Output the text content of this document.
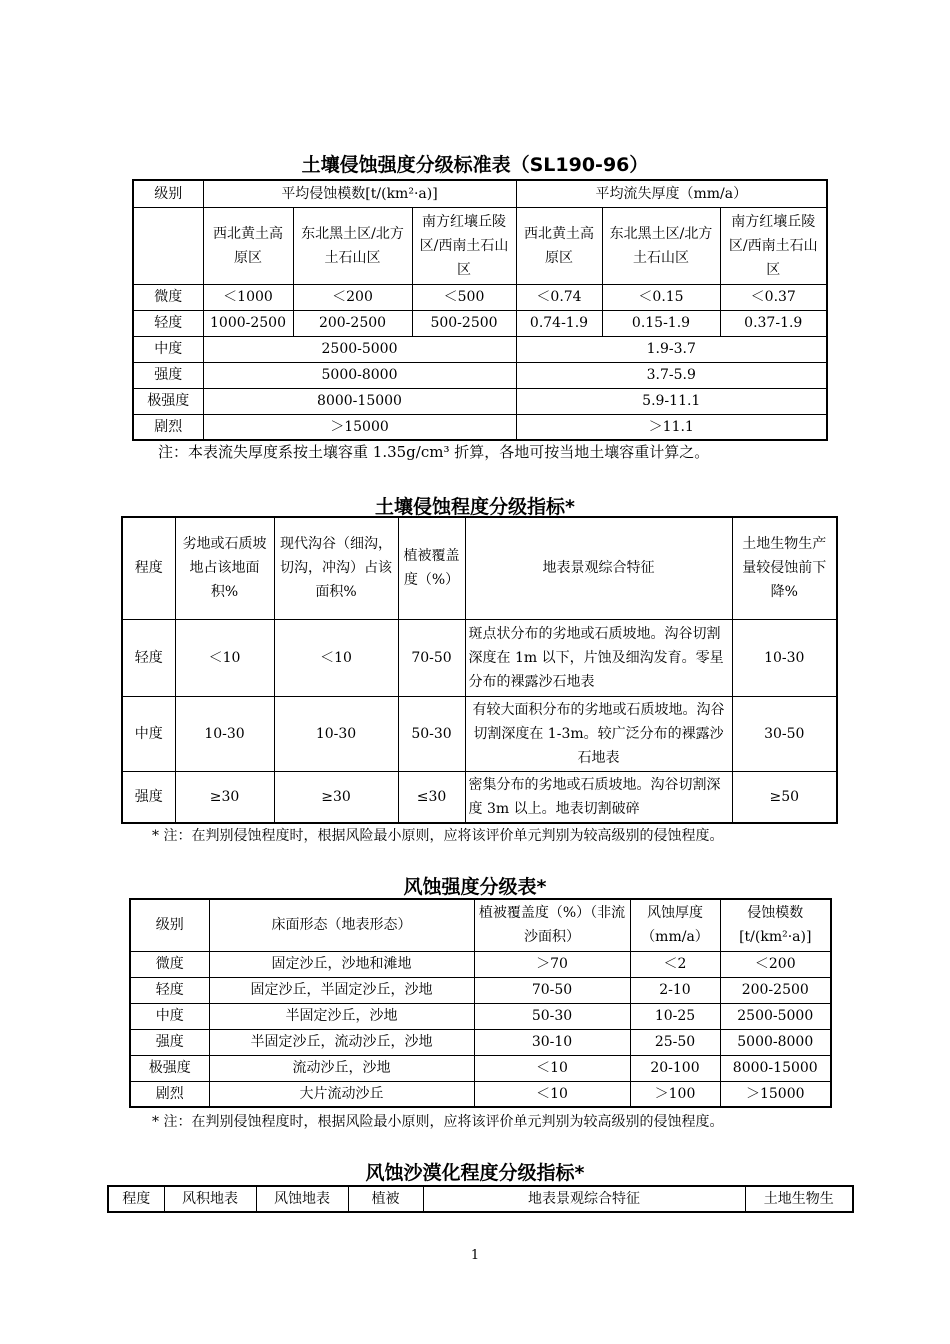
土壤侵蚀强度分级标准表（SL190-96）
级别	平均侵蚀模数[t/(km²·a)]			平均流失厚度（mm/a）		
	西北黄土高原区	东北黑土区/北方土石山区	南方红壤丘陵区/西南土石山区	西北黄土高原区	东北黑土区/北方土石山区	南方红壤丘陵区/西南土石山区
微度	＜1000	＜200	＜500	＜0.74	＜0.15	＜0.37
轻度	1000-2500	200-2500	500-2500	0.74-1.9	0.15-1.9	0.37-1.9
中度	2500-5000			1.9-3.7		
强度	5000-8000			3.7-5.9		
极强度	8000-15000			5.9-11.1		
剧烈	＞15000			＞11.1		
注：本表流失厚度系按土壤容重 1.35g/cm³ 折算，各地可按当地土壤容重计算之。
土壤侵蚀程度分级指标*
程度	劣地或石质坡地占该地面积%	现代沟谷（细沟，切沟，冲沟）占该面积%	植被覆盖度（%）	地表景观综合特征	土地生物生产量较侵蚀前下降%
轻度	＜10	＜10	70-50	斑点状分布的劣地或石质坡地。沟谷切割深度在 1m 以下，片蚀及细沟发育。零星分布的裸露沙石地表	10-30
中度	10-30	10-30	50-30	有较大面积分布的劣地或石质坡地。沟谷切割深度在 1-3m。较广泛分布的裸露沙石地表	30-50
强度	≥30	≥30	≤30	密集分布的劣地或石质坡地。沟谷切割深度 3m 以上。地表切割破碎	≥50
* 注：在判别侵蚀程度时，根据风险最小原则，应将该评价单元判别为较高级别的侵蚀程度。
风蚀强度分级表*
级别	床面形态（地表形态）	植被覆盖度（%）（非流沙面积）	风蚀厚度（mm/a）	侵蚀模数[t/(km²·a)]
微度	固定沙丘，沙地和滩地	＞70	＜2	＜200
轻度	固定沙丘，半固定沙丘，沙地	70-50	2-10	200-2500
中度	半固定沙丘，沙地	50-30	10-25	2500-5000
强度	半固定沙丘，流动沙丘，沙地	30-10	25-50	5000-8000
极强度	流动沙丘，沙地	＜10	20-100	8000-15000
剧烈	大片流动沙丘	＜10	＞100	＞15000
* 注：在判别侵蚀程度时，根据风险最小原则，应将该评价单元判别为较高级别的侵蚀程度。
风蚀沙漠化程度分级指标*
程度	风积地表	风蚀地表	植被	地表景观综合特征	土地生物生
1
